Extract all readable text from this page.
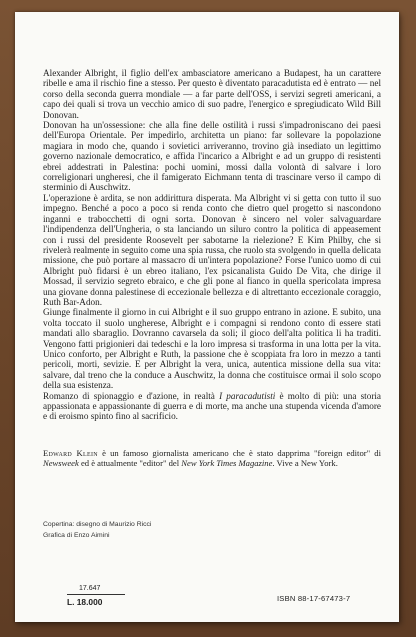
Alexander Albright, il figlio dell'ex ambasciatore americano a Budapest, ha un carattere ribelle e ama il rischio fine a stesso. Per questo è diventato paracadutista ed è entrato — nel corso della seconda guerra mondiale — a far parte dell'OSS, i servizi segreti americani, a capo dei quali si trova un vecchio amico di suo padre, l'energico e spregiudicato Wild Bill Donovan.

Donovan ha un'ossessione: che alla fine delle ostilità i russi s'impadroniscano dei paesi dell'Europa Orientale. Per impedirlo, architetta un piano: far sollevare la popolazione magiara in modo che, quando i sovietici arriveranno, trovino già insediato un legittimo governo nazionale democratico, e affida l'incarico a Albright e ad un gruppo di resistenti ebrei addestrati in Palestina: pochi uomini, mossi dalla volontà di salvare i loro correligionari ungheresi, che il famigerato Eichmann tenta di trascinare verso il campo di sterminio di Auschwitz.

L'operazione è ardita, se non addirittura disperata. Ma Albright vi si getta con tutto il suo impegno. Benché a poco a poco si renda conto che dietro quel progetto si nascondono inganni e trabocchetti di ogni sorta. Donovan è sincero nel voler salvaguardare l'indipendenza dell'Ungheria, o sta lanciando un siluro contro la politica di appeasement con i russi del presidente Roosevelt per sabotarne la rielezione? E Kim Philby, che si rivelerà realmente in seguito come una spia russa, che ruolo sta svolgendo in quella delicata missione, che può portare al massacro di un'intera popolazione? Forse l'unico uomo di cui Albright può fidarsi è un ebreo italiano, l'ex psicanalista Guido De Vita, che dirige il Mossad, il servizio segreto ebraico, e che gli pone al fianco in quella spericolata impresa una giovane donna palestinese di eccezionale bellezza e di altrettanto eccezionale coraggio, Ruth Bar-Adon.

Giunge finalmente il giorno in cui Albright e il suo gruppo entrano in azione. E subito, una volta toccato il suolo ungherese, Albright e i compagni si rendono conto di essere stati mandati allo sbaraglio. Dovranno cavarsela da soli; il gioco dell'alta politica li ha traditi. Vengono fatti prigionieri dai tedeschi e la loro impresa si trasforma in una lotta per la vita. Unico conforto, per Albright e Ruth, la passione che è scoppiata fra loro in mezzo a tanti pericoli, morti, sevizie. E per Albright la vera, unica, autentica missione della sua vita: salvare, dal treno che la conduce a Auschwitz, la donna che costituisce ormai il solo scopo della sua esistenza.

Romanzo di spionaggio e d'azione, in realtà I paracadutisti è molto di più: una storia appassionata e appassionante di guerra e di morte, ma anche una stupenda vicenda d'amore e di eroismo spinto fino al sacrificio.

Edward Klein è un famoso giornalista americano che è stato dapprima "foreign editor" di Newsweek ed è attualmente "editor" del New York Times Magazine. Vive a New York.
Copertina: disegno di Maurizio Ricci
Grafica di Enzo Aimini
17.647
L. 18.000	ISBN 88-17-67473-7
